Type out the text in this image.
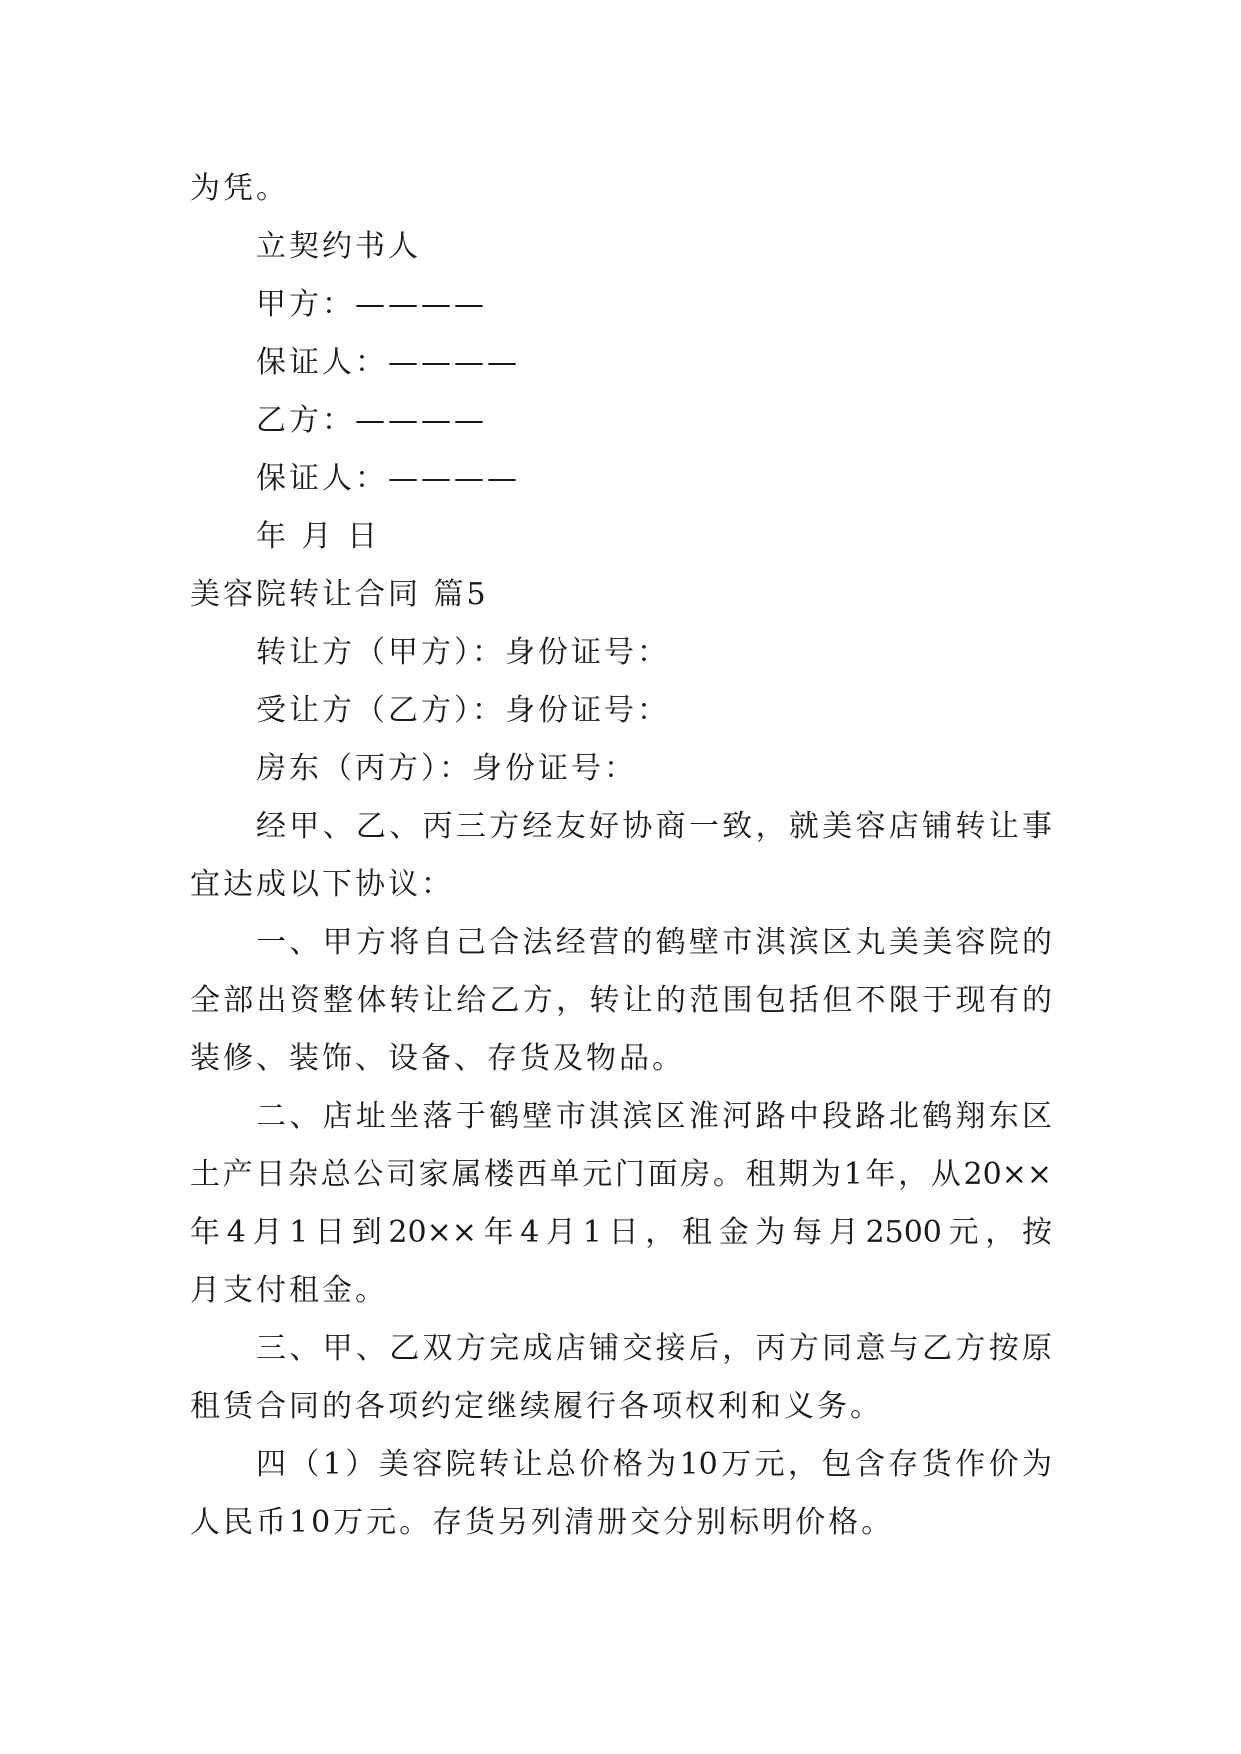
为凭。
立契约书人
甲方：————
保证人：————
乙方：————
保证人：————
年 月 日
美容院转让合同 篇5
转让方（甲方）：身份证号：
受让方（乙方）：身份证号：
房东（丙方）：身份证号：
经甲、乙、丙三方经友好协商一致，就美容店铺转让事
宜达成以下协议：
一、甲方将自己合法经营的鹤壁市淇滨区丸美美容院的
全部出资整体转让给乙方，转让的范围包括但不限于现有的
装修、装饰、设备、存货及物品。
二、店址坐落于鹤壁市淇滨区淮河路中段路北鹤翔东区
土产日杂总公司家属楼西单元门面房。租期为1年，从20××
年4月1日到20××年4月1日，租金为每月2500元，按
月支付租金。
三、甲、乙双方完成店铺交接后，丙方同意与乙方按原
租赁合同的各项约定继续履行各项权利和义务。
四（1）美容院转让总价格为10万元，包含存货作价为
人民币10万元。存货另列清册交分别标明价格。
